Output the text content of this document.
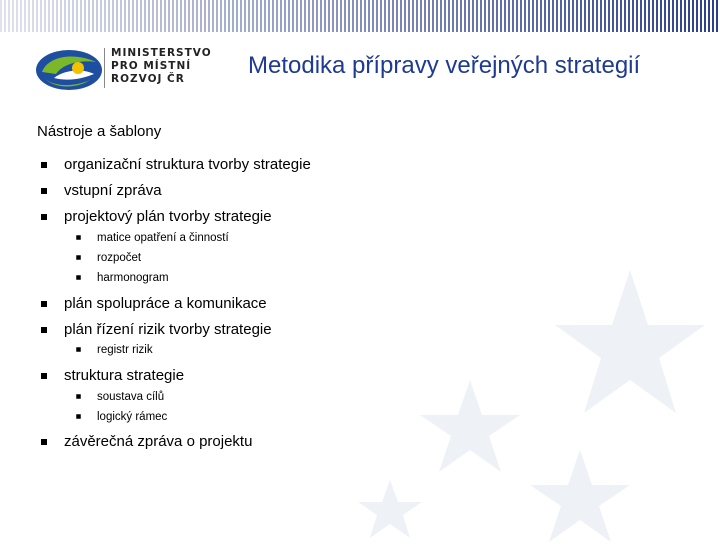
MINISTERSTVO
PRO MÍSTNÍ
ROZVOJ ČR	Metodika přípravy veřejných strategií
Nástroje a šablony
organizační struktura tvorby strategie
vstupní zpráva
projektový plán tvorby strategie
matice opatření a činností
rozpočet
harmonogram
plán spolupráce a komunikace
plán řízení rizik tvorby strategie
registr rizik
struktura strategie
soustava cílů
logický rámec
závěrečná zpráva o projektu
